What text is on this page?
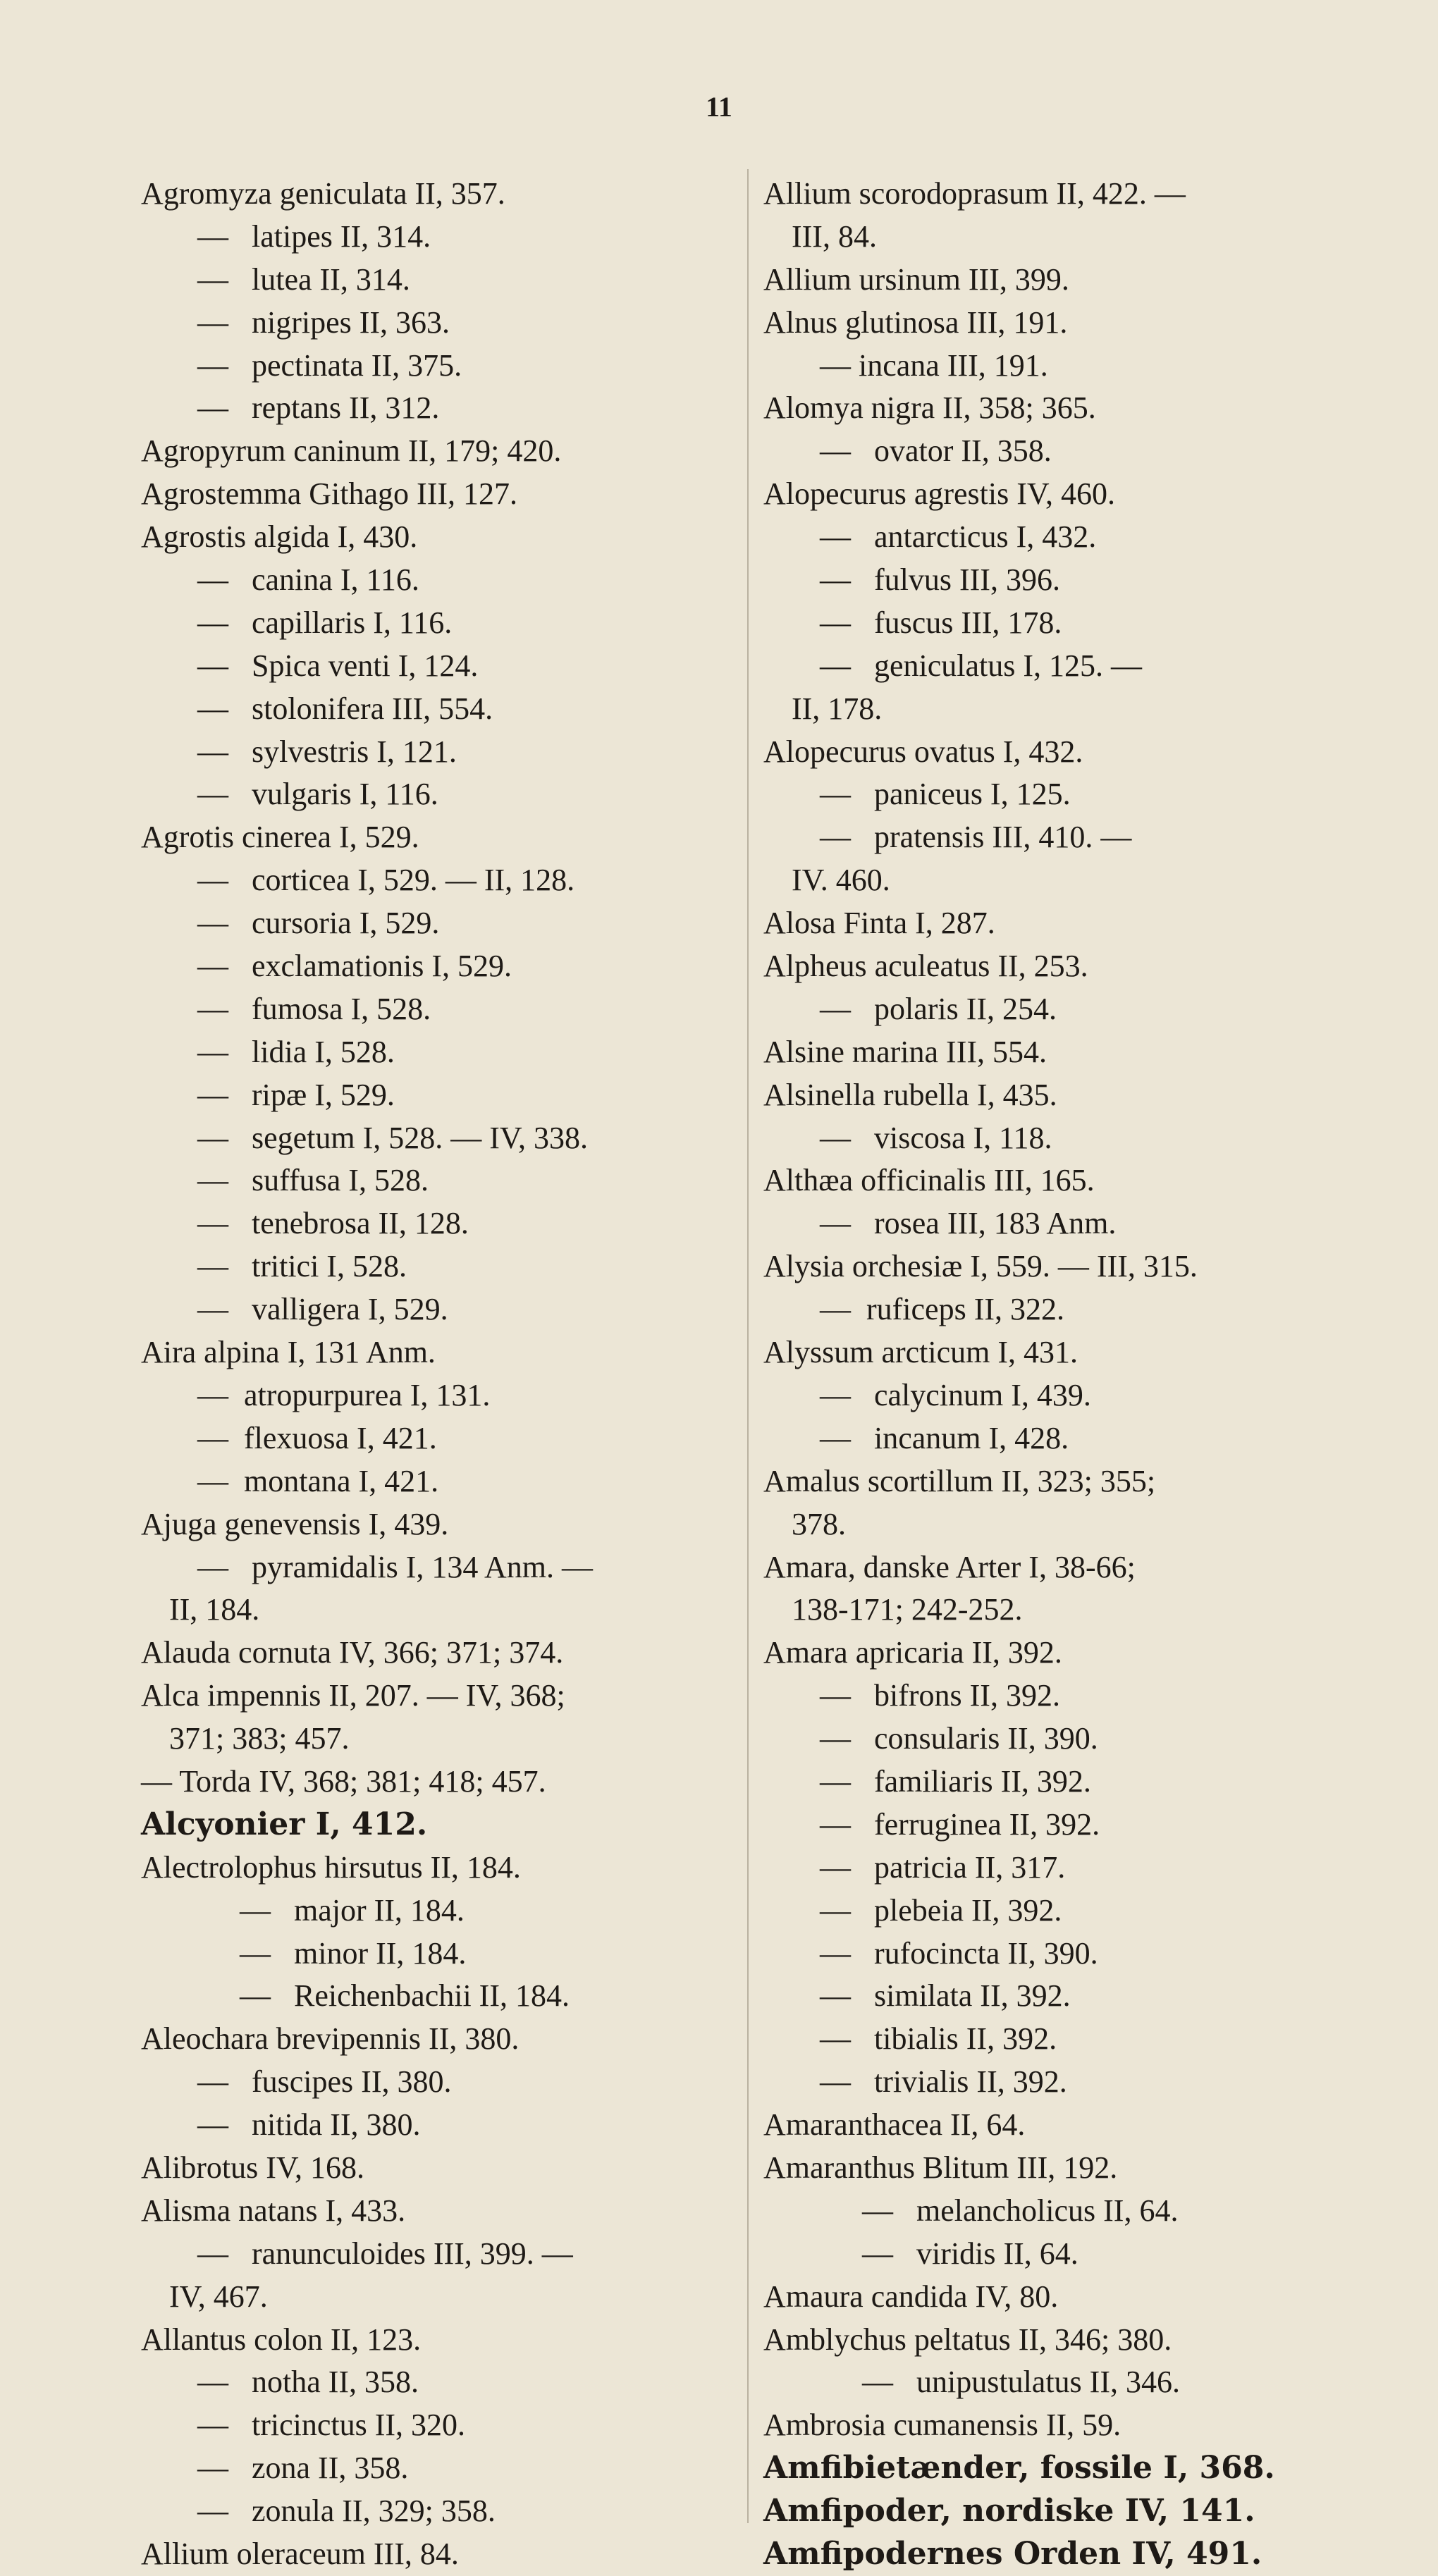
11
Agromyza geniculata II, 357.
—   latipes II, 314.
—   lutea II, 314.
—   nigripes II, 363.
—   pectinata II, 375.
—   reptans II, 312.
Agropyrum caninum II, 179; 420.
Agrostemma Githago III, 127.
Agrostis algida I, 430.
—   canina I, 116.
—   capillaris I, 116.
—   Spica venti I, 124.
—   stolonifera III, 554.
—   sylvestris I, 121.
—   vulgaris I, 116.
Agrotis cinerea I, 529.
—   corticea I, 529. — II, 128.
—   cursoria I, 529.
—   exclamationis I, 529.
—   fumosa I, 528.
—   lidia I, 528.
—   ripæ I, 529.
—   segetum I, 528. — IV, 338.
—   suffusa I, 528.
—   tenebrosa II, 128.
—   tritici I, 528.
—   valligera I, 529.
Aira alpina I, 131 Anm.
—  atropurpurea I, 131.
—  flexuosa I, 421.
—  montana I, 421.
Ajuga genevensis I, 439.
—   pyramidalis I, 134 Anm. —
II, 184.
Alauda cornuta IV, 366; 371; 374.
Alca impennis II, 207. — IV, 368;
371; 383; 457.
— Torda IV, 368; 381; 418; 457.
Alcyonier I, 412.
Alectrolophus hirsutus II, 184.
—   major II, 184.
—   minor II, 184.
—   Reichenbachii II, 184.
Aleochara brevipennis II, 380.
—   fuscipes II, 380.
—   nitida II, 380.
Alibrotus IV, 168.
Alisma natans I, 433.
—   ranunculoides III, 399. —
IV, 467.
Allantus colon II, 123.
—   notha II, 358.
—   tricinctus II, 320.
—   zona II, 358.
—   zonula II, 329; 358.
Allium oleraceum III, 84.
Allium scorodoprasum II, 422. —
III, 84.
Allium ursinum III, 399.
Alnus glutinosa III, 191.
— incana III, 191.
Alomya nigra II, 358; 365.
—   ovator II, 358.
Alopecurus agrestis IV, 460.
—   antarcticus I, 432.
—   fulvus III, 396.
—   fuscus III, 178.
—   geniculatus I, 125. —
II, 178.
Alopecurus ovatus I, 432.
—   paniceus I, 125.
—   pratensis III, 410. —
IV. 460.
Alosa Finta I, 287.
Alpheus aculeatus II, 253.
—   polaris II, 254.
Alsine marina III, 554.
Alsinella rubella I, 435.
—   viscosa I, 118.
Althæa officinalis III, 165.
—   rosea III, 183 Anm.
Alysia orchesiæ I, 559. — III, 315.
—  ruficeps II, 322.
Alyssum arcticum I, 431.
—   calycinum I, 439.
—   incanum I, 428.
Amalus scortillum II, 323; 355;
378.
Amara, danske Arter I, 38-66;
138-171; 242-252.
Amara apricaria II, 392.
—   bifrons II, 392.
—   consularis II, 390.
—   familiaris II, 392.
—   ferruginea II, 392.
—   patricia II, 317.
—   plebeia II, 392.
—   rufocincta II, 390.
—   similata II, 392.
—   tibialis II, 392.
—   trivialis II, 392.
Amaranthacea II, 64.
Amaranthus Blitum III, 192.
—   melancholicus II, 64.
—   viridis II, 64.
Amaura candida IV, 80.
Amblychus peltatus II, 346; 380.
—   unipustulatus II, 346.
Ambrosia cumanensis II, 59.
Amfibietænder, fossile I, 368.
Amfipoder, nordiske IV, 141.
Amfipodernes Orden IV, 491.
